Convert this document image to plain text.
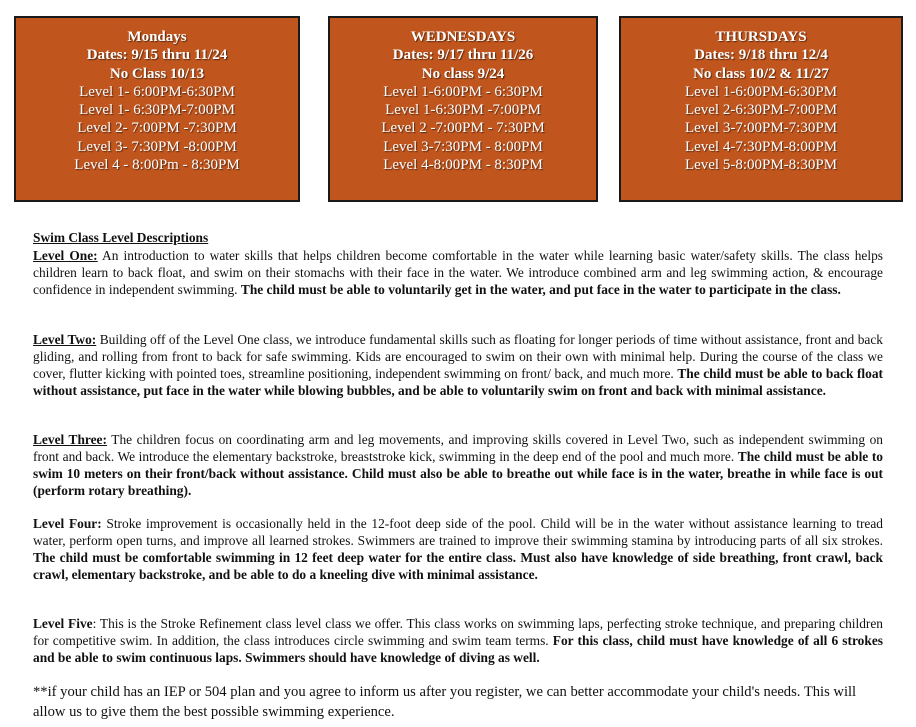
Mondays
Dates: 9/15 thru 11/24
No Class 10/13
Level 1- 6:00PM-6:30PM
Level 1- 6:30PM-7:00PM
Level 2- 7:00PM -7:30PM
Level 3- 7:30PM -8:00PM
Level 4 - 8:00Pm - 8:30PM
WEDNESDAYS
Dates: 9/17 thru 11/26
No class 9/24
Level 1-6:00PM - 6:30PM
Level 1-6:30PM -7:00PM
Level 2 -7:00PM - 7:30PM
Level 3-7:30PM - 8:00PM
Level 4-8:00PM - 8:30PM
THURSDAYS
Dates: 9/18 thru 12/4
No class 10/2 & 11/27
Level 1-6:00PM-6:30PM
Level 2-6:30PM-7:00PM
Level 3-7:00PM-7:30PM
Level 4-7:30PM-8:00PM
Level 5-8:00PM-8:30PM
Swim Class Level Descriptions
Level One: An introduction to water skills that helps children become comfortable in the water while learning basic water/safety skills. The class helps children learn to back float, and swim on their stomachs with their face in the water. We introduce combined arm and leg swimming action, & encourage confidence in independent swimming. The child must be able to voluntarily get in the water, and put face in the water to participate in the class.
Level Two: Building off of the Level One class, we introduce fundamental skills such as floating for longer periods of time without assistance, front and back gliding, and rolling from front to back for safe swimming. Kids are encouraged to swim on their own with minimal help. During the course of the class we cover, flutter kicking with pointed toes, streamline positioning, independent swimming on front/ back, and much more. The child must be able to back float without assistance, put face in the water while blowing bubbles, and be able to voluntarily swim on front and back with minimal assistance.
Level Three: The children focus on coordinating arm and leg movements, and improving skills covered in Level Two, such as independent swimming on front and back. We introduce the elementary backstroke, breaststroke kick, swimming in the deep end of the pool and much more. The child must be able to swim 10 meters on their front/back without assistance. Child must also be able to breathe out while face is in the water, breathe in while face is out (perform rotary breathing).
Level Four: Stroke improvement is occasionally held in the 12-foot deep side of the pool. Child will be in the water without assistance learning to tread water, perform open turns, and improve all learned strokes. Swimmers are trained to improve their swimming stamina by introducing parts of all six strokes. The child must be comfortable swimming in 12 feet deep water for the entire class. Must also have knowledge of side breathing, front crawl, back crawl, elementary backstroke, and be able to do a kneeling dive with minimal assistance.
Level Five: This is the Stroke Refinement class level class we offer. This class works on swimming laps, perfecting stroke technique, and preparing children for competitive swim. In addition, the class introduces circle swimming and swim team terms. For this class, child must have knowledge of all 6 strokes and be able to swim continuous laps. Swimmers should have knowledge of diving as well.
**if your child has an IEP or 504 plan and you agree to inform us after you register, we can better accommodate your child's needs. This will allow us to give them the best possible swimming experience.
